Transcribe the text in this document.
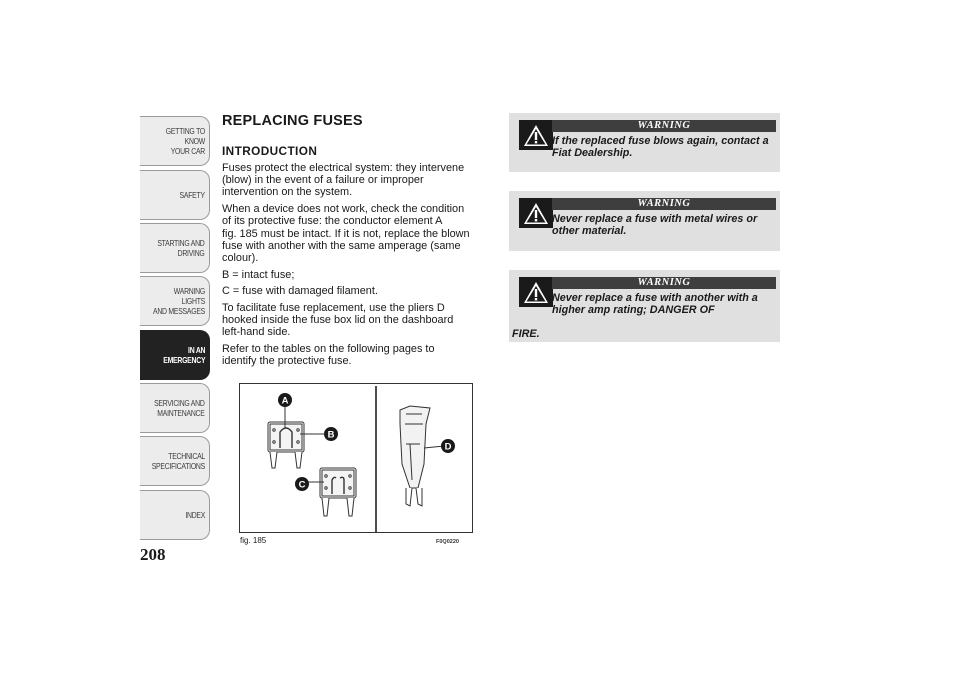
GETTING TO KNOW
YOUR CAR
SAFETY
STARTING AND
DRIVING
WARNING LIGHTS
AND MESSAGES
IN AN
EMERGENCY
SERVICING AND
MAINTENANCE
TECHNICAL
SPECIFICATIONS
INDEX
208
REPLACING FUSES
INTRODUCTION

Fuses protect the electrical system: they intervene
(blow) in the event of a failure or improper
intervention on the system.

When a device does not work, check the condition
of its protective fuse: the conductor element A
fig. 185 must be intact. If it is not, replace the blown
fuse with another with the same amperage (same
colour).

B = intact fuse;

C = fuse with damaged filament.

To facilitate fuse replacement, use the pliers D
hooked inside the fuse box lid on the dashboard
left-hand side.

Refer to the tables on the following pages to
identify the protective fuse.

A
B
C
D
fig. 185	F0Q0220
WARNING
If the replaced fuse blows again, contact a Fiat Dealership.
WARNING
Never replace a fuse with metal wires or other material.
WARNING
Never replace a fuse with another with a higher amp rating; DANGER OF
FIRE.
